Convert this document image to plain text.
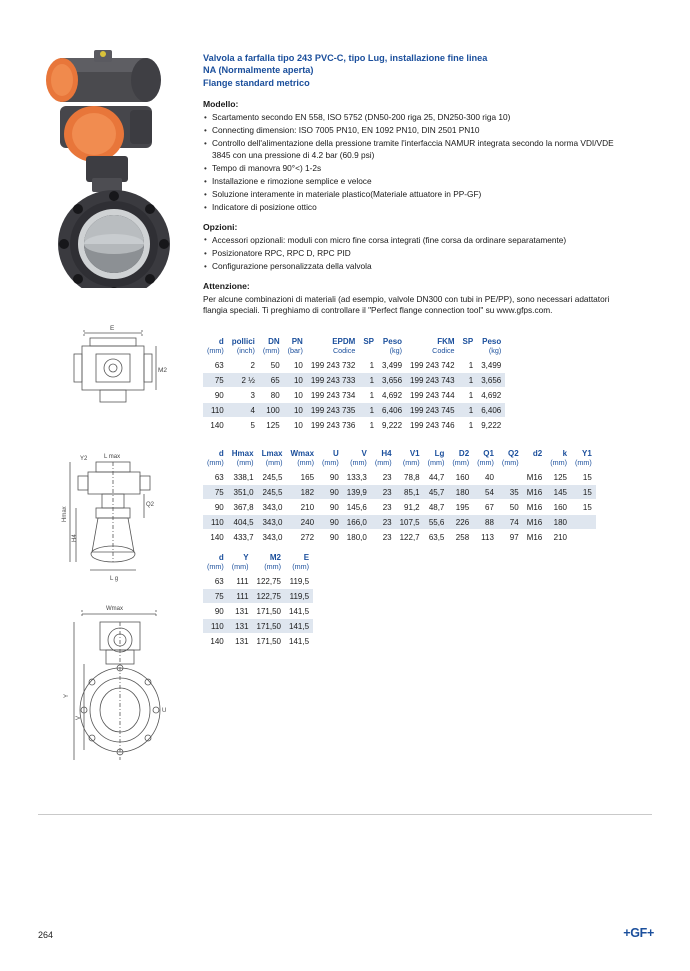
E
M2
Y2	L max
Hmax
H4
Q2
L g
Wmax
Y
V
U
Valvola a farfalla tipo 243 PVC-C, tipo Lug, installazione fine linea
NA (Normalmente aperta)
Flange standard metrico
Modello:
• Scartamento secondo EN 558, ISO 5752 (DN50-200 riga 25, DN250-300 riga 10)
• Connecting dimension: ISO 7005 PN10, EN 1092 PN10, DIN 2501 PN10
• Controllo dell'alimentazione della pressione tramite l'interfaccia NAMUR integrata secondo la norma VDI/VDE 3845 con una pressione di 4.2 bar (60.9 psi)
• Tempo di manovra 90°<) 1-2s
• Installazione e rimozione semplice e veloce
• Soluzione interamente in materiale plastico(Materiale attuatore in PP-GF)
• Indicatore di posizione ottico
Opzioni:
• Accessori opzionali: moduli con micro fine corsa integrati (fine corsa da ordinare separatamente)
• Posizionatore RPC, RPC D, RPC PID
• Configurazione personalizzata della valvola
Attenzione:
Per alcune combinazioni di materiali (ad esempio, valvole DN300 con tubi in PE/PP), sono necessari adattatori flangia speciali. Ti preghiamo di controllare il "Perfect flange connection tool" su www.gfps.com.
d	pollici	DN	PN	EPDM	SP	Peso	FKM	SP	Peso
(mm)	(inch)	(mm)	(bar)	Codice		(kg)	Codice		(kg)
63	2	50	10	199 243 732	1	3,499	199 243 742	1	3,499
75	2 ½	65	10	199 243 733	1	3,656	199 243 743	1	3,656
90	3	80	10	199 243 734	1	4,692	199 243 744	1	4,692
110	4	100	10	199 243 735	1	6,406	199 243 745	1	6,406
140	5	125	10	199 243 736	1	9,222	199 243 746	1	9,222
d	Hmax	Lmax	Wmax	U	V	H4	V1	Lg	D2	Q1	Q2	d2	k	Y1
(mm)	(mm)	(mm)	(mm)	(mm)	(mm)	(mm)	(mm)	(mm)	(mm)	(mm)	(mm)		(mm)	(mm)
63	338,1	245,5	165	90	133,3	23	78,8	44,7	160	40		M16	125	15
75	351,0	245,5	182	90	139,9	23	85,1	45,7	180	54	35	M16	145	15
90	367,8	343,0	210	90	145,6	23	91,2	48,7	195	67	50	M16	160	15
110	404,5	343,0	240	90	166,0	23	107,5	55,6	226	88	74	M16	180	
140	433,7	343,0	272	90	180,0	23	122,7	63,5	258	113	97	M16	210	
d	Y	M2	E
(mm)	(mm)	(mm)	(mm)
63	111	122,75	119,5
75	111	122,75	119,5
90	131	171,50	141,5
110	131	171,50	141,5
140	131	171,50	141,5
264	+GF+
